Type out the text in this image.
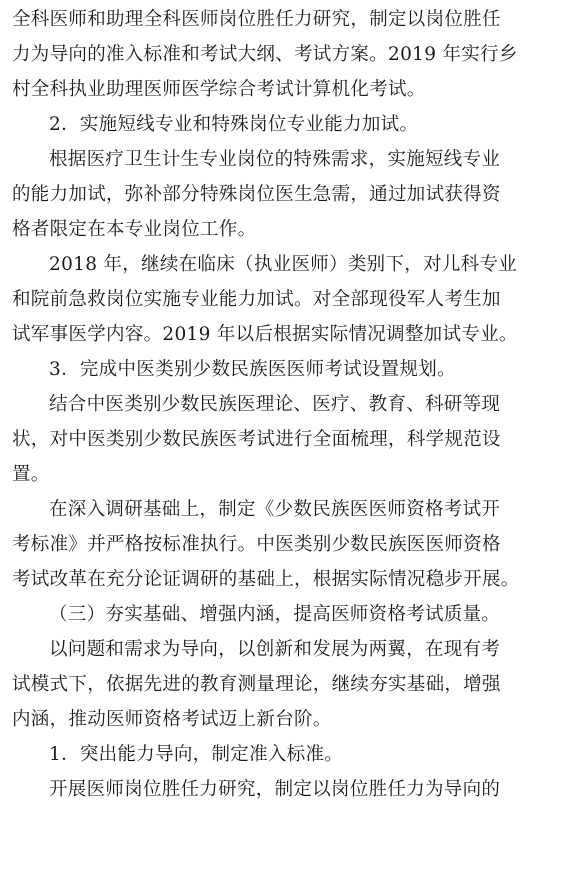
全科医师和助理全科医师岗位胜任力研究，制定以岗位胜任
力为导向的准入标准和考试大纲、考试方案。2019 年实行乡
村全科执业助理医师医学综合考试计算机化考试。
2．实施短线专业和特殊岗位专业能力加试。
根据医疗卫生计生专业岗位的特殊需求，实施短线专业
的能力加试，弥补部分特殊岗位医生急需，通过加试获得资
格者限定在本专业岗位工作。
2018 年，继续在临床（执业医师）类别下，对儿科专业
和院前急救岗位实施专业能力加试。对全部现役军人考生加
试军事医学内容。2019 年以后根据实际情况调整加试专业。
3．完成中医类别少数民族医医师考试设置规划。
结合中医类别少数民族医理论、医疗、教育、科研等现
状，对中医类别少数民族医考试进行全面梳理，科学规范设
置。
在深入调研基础上，制定《少数民族医医师资格考试开
考标准》并严格按标准执行。中医类别少数民族医医师资格
考试改革在充分论证调研的基础上，根据实际情况稳步开展。
（三）夯实基础、增强内涵，提高医师资格考试质量。
以问题和需求为导向，以创新和发展为两翼，在现有考
试模式下，依据先进的教育测量理论，继续夯实基础，增强
内涵，推动医师资格考试迈上新台阶。
1．突出能力导向，制定准入标准。
开展医师岗位胜任力研究，制定以岗位胜任力为导向的
